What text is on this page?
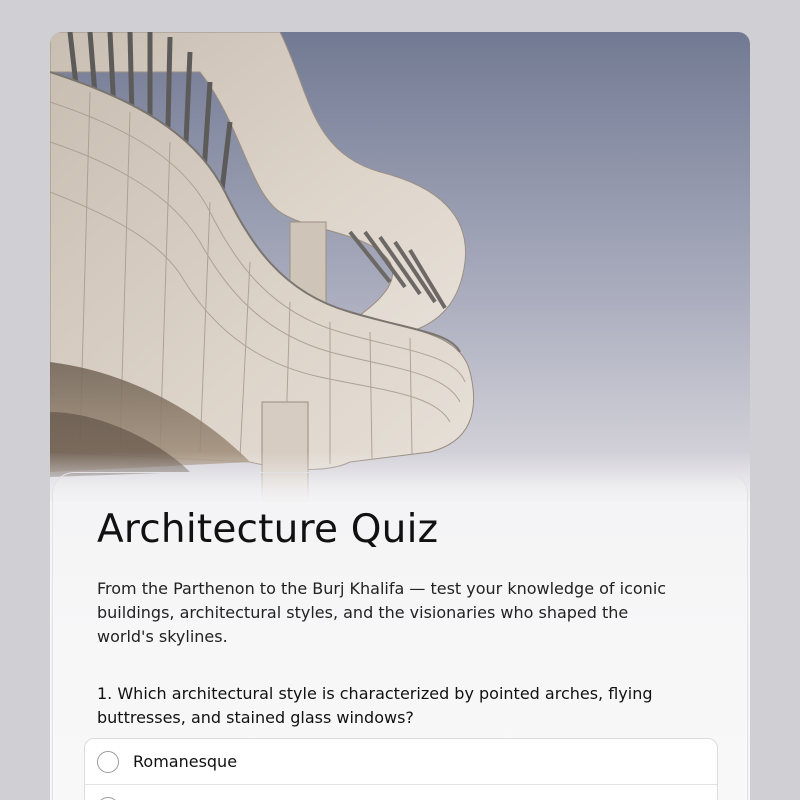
Architecture Quiz

From the Parthenon to the Burj Khalifa — test your knowledge of iconic buildings, architectural styles, and the visionaries who shaped the world's skylines.

1. Which architectural style is characterized by pointed arches, flying buttresses, and stained glass windows?

Romanesque
